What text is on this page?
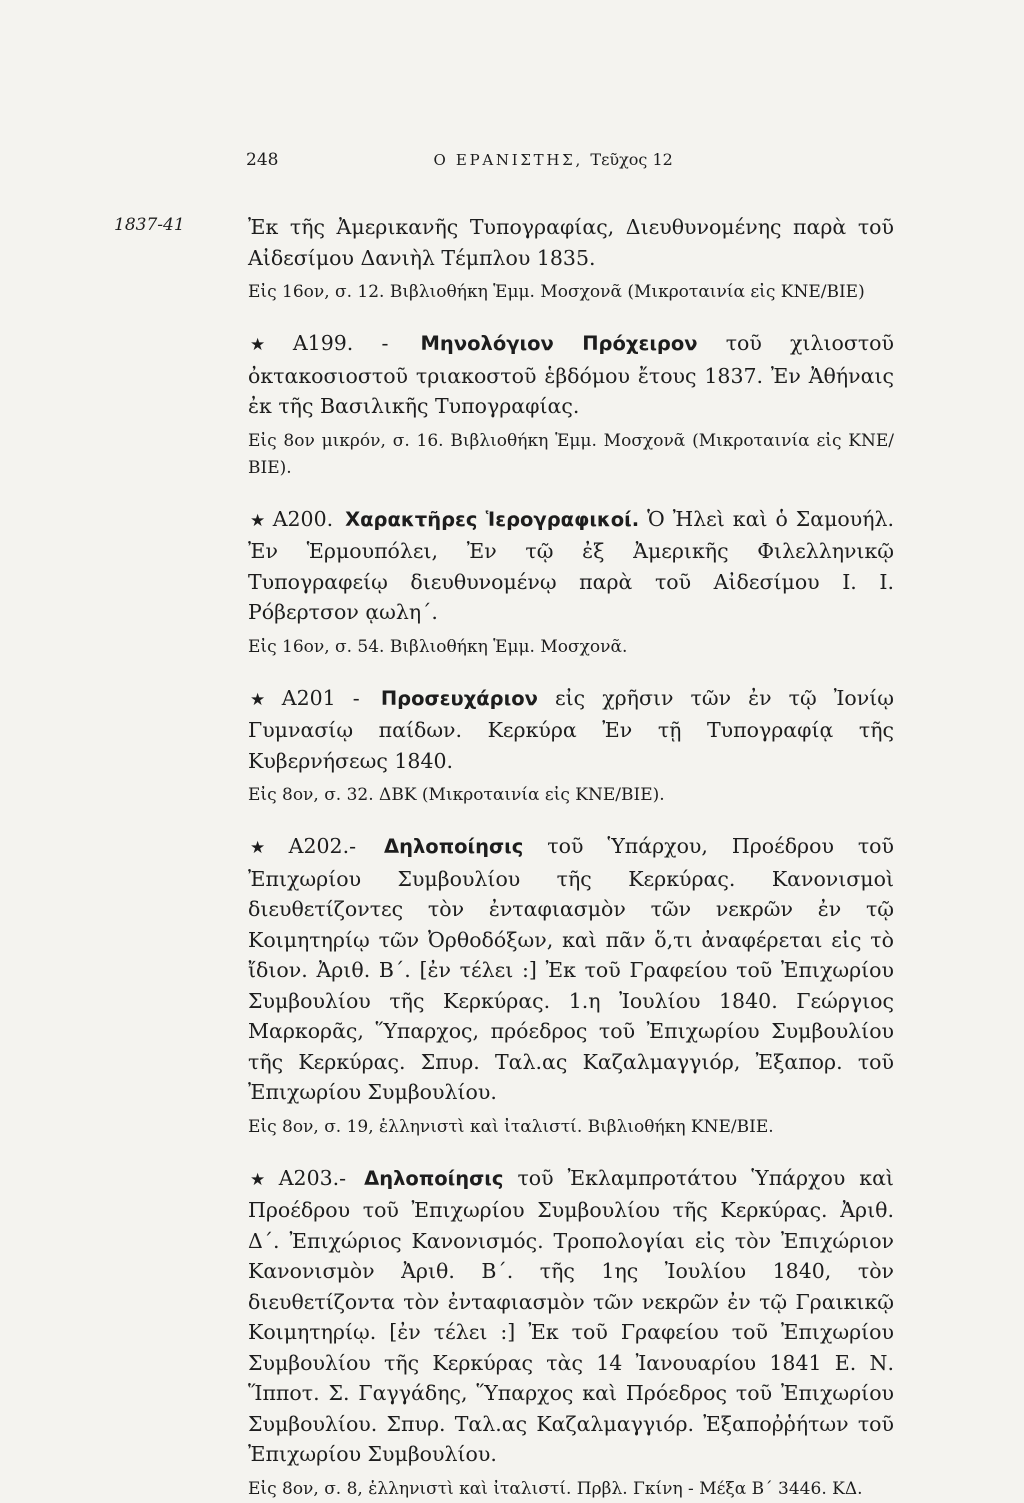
248	Ο ΕΡΑΝΙΣΤΗΣ, Τεῦχος 12
1837-41	Ἐκ τῆς Ἀμερικανῆς Τυπογραφίας, Διευθυνομένης παρὰ τοῦ Αἰδεσίμου Δανιὴλ Τέμπλου 1835.

Εἰς 16ον, σ. 12. Βιβλιοθήκη Ἑμμ. Μοσχονᾶ (Μικροταινία εἰς ΚΝΕ/ΒΙΕ)

★ Α199. - Μηνολόγιον Πρόχειρον τοῦ χιλιοστοῦ ὀκτακοσιοστοῦ τριακοστοῦ ἑβδόμου ἔτους 1837. Ἐν Ἀθήναις ἐκ τῆς Βασιλικῆς Τυπογραφίας.

Εἰς 8ον μικρόν, σ. 16. Βιβλιοθήκη Ἑμμ. Μοσχονᾶ (Μικροταινία εἰς ΚΝΕ/ΒΙΕ).

★ Α200. Χαρακτῆρες Ἱερογραφικοί. Ὁ Ἠλεὶ καὶ ὁ Σαμουήλ. Ἐν Ἑρμουπόλει, Ἐν τῷ ἐξ Ἀμερικῆς Φιλελληνικῷ Τυπογραφείῳ διευθυνομένῳ παρὰ τοῦ Αἰδεσίμου Ι. Ι. Ρόβερτσον ᾳωλη΄.

Εἰς 16ον, σ. 54. Βιβλιοθήκη Ἑμμ. Μοσχονᾶ.

★ Α201 - Προσευχάριον εἰς χρῆσιν τῶν ἐν τῷ Ἰονίῳ Γυμνασίῳ παίδων. Κερκύρα Ἐν τῇ Τυπογραφίᾳ τῆς Κυβερνήσεως 1840.

Εἰς 8ον, σ. 32. ΔΒΚ (Μικροταινία εἰς ΚΝΕ/ΒΙΕ).

★ Α202.- Δηλοποίησις τοῦ Ὑπάρχου, Προέδρου τοῦ Ἐπιχωρίου Συμβουλίου τῆς Κερκύρας. Κανονισμοὶ διευθετίζοντες τὸν ἐνταφιασμὸν τῶν νεκρῶν ἐν τῷ Κοιμητηρίῳ τῶν Ὀρθοδόξων, καὶ πᾶν ὅ,τι ἀναφέρεται εἰς τὸ ἴδιον. Ἀριθ. Β΄. [ἐν τέλει :] Ἐκ τοῦ Γραφείου τοῦ Ἐπιχωρίου Συμβουλίου τῆς Κερκύρας. 1.η Ἰουλίου 1840. Γεώργιος Μαρκορᾶς, Ὕπαρχος, πρόεδρος τοῦ Ἐπιχωρίου Συμβουλίου τῆς Κερκύρας. Σπυρ. Ταλ.ας Καζαλμαγγιόρ, Ἐξαπορ. τοῦ Ἐπιχωρίου Συμβουλίου.

Εἰς 8ον, σ. 19, ἑλληνιστὶ καὶ ἰταλιστί. Βιβλιοθήκη ΚΝΕ/ΒΙΕ.

★ Α203.- Δηλοποίησις τοῦ Ἐκλαμπροτάτου Ὑπάρχου καὶ Προέδρου τοῦ Ἐπιχωρίου Συμβουλίου τῆς Κερκύρας. Ἀριθ. Δ΄. Ἐπιχώριος Κανονισμός. Τροπολογίαι εἰς τὸν Ἐπιχώριον Κανονισμὸν Ἀριθ. Β΄. τῆς 1ης Ἰουλίου 1840, τὸν διευθετίζοντα τὸν ἐνταφιασμὸν τῶν νεκρῶν ἐν τῷ Γραικικῷ Κοιμητηρίῳ. [ἐν τέλει :] Ἐκ τοῦ Γραφείου τοῦ Ἐπιχωρίου Συμβουλίου τῆς Κερκύρας τὰς 14 Ἰανουαρίου 1841 Ε. Ν. Ἵπποτ. Σ. Γαγγάδης, Ὕπαρχος καὶ Πρόεδρος τοῦ Ἐπιχωρίου Συμβουλίου. Σπυρ. Ταλ.ας Καζαλμαγγιόρ. Ἐξαποῤῥήτων τοῦ Ἐπιχωρίου Συμβουλίου.

Εἰς 8ον, σ. 8, ἑλληνιστὶ καὶ ἰταλιστί. Πρβλ. Γκίνη - Μέξα Β΄ 3446. ΚΔ.
